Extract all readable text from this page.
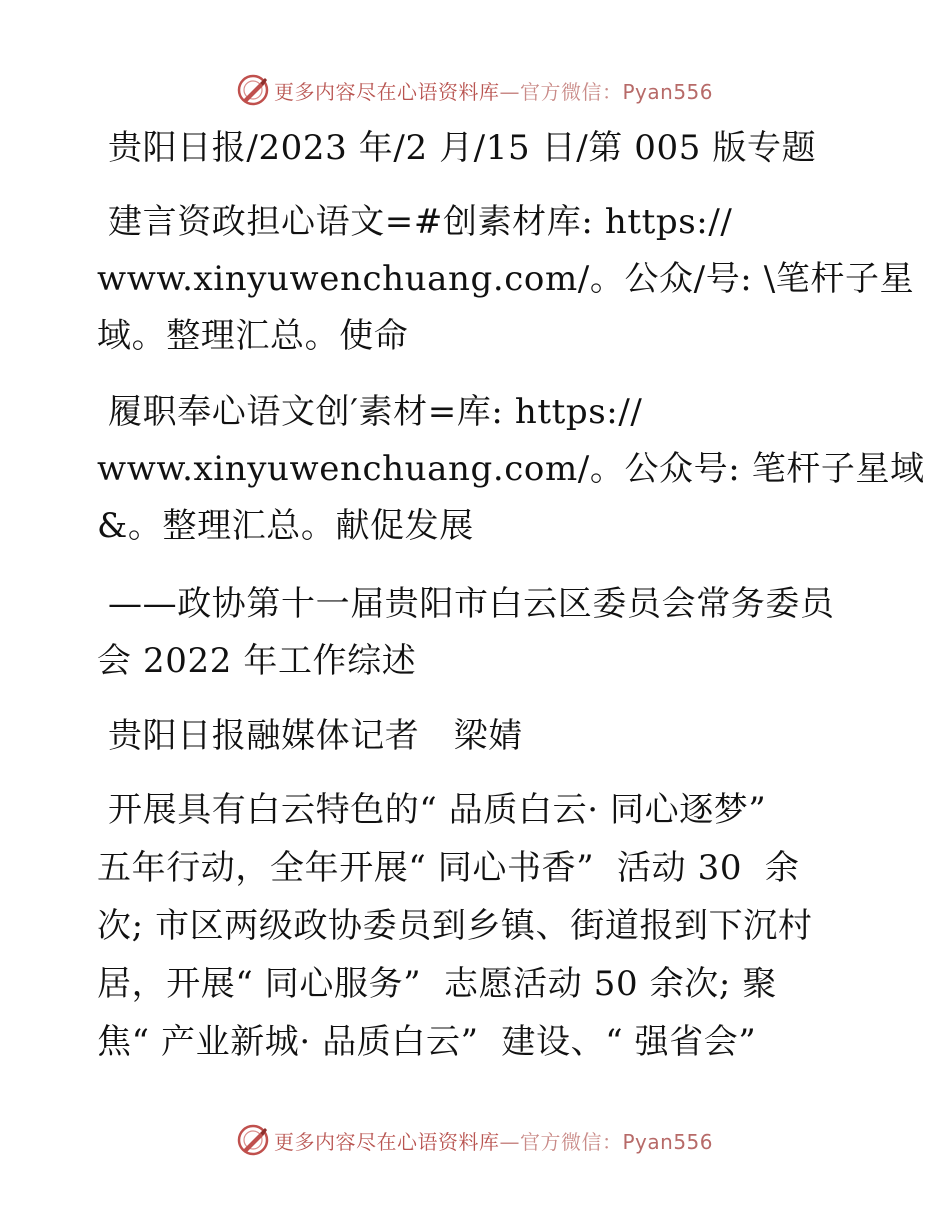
更多内容尽在心语资料库—官方微信：Pyan556
贵阳日报/2023 年/2 月/15 日/第 005 版专题
建言资政担心语文=#创素材库: https://
www.xinyuwenchuang.com/。公众/号: \笔杆子星
域。整理汇总。使命
履职奉心语文创′素材=库: https://
www.xinyuwenchuang.com/。公众号: 笔杆子星域
&。整理汇总。献促发展
——政协第十一届贵阳市白云区委员会常务委员
会 2022 年工作综述
贵阳日报融媒体记者   梁婧
开展具有白云特色的“ 品质白云· 同心逐梦”
五年行动，全年开展“ 同心书香”  活动 30  余
次; 市区两级政协委员到乡镇、街道报到下沉村
居，开展“ 同心服务”  志愿活动 50 余次; 聚
焦“ 产业新城· 品质白云”  建设、“ 强省会”
更多内容尽在心语资料库—官方微信：Pyan556
